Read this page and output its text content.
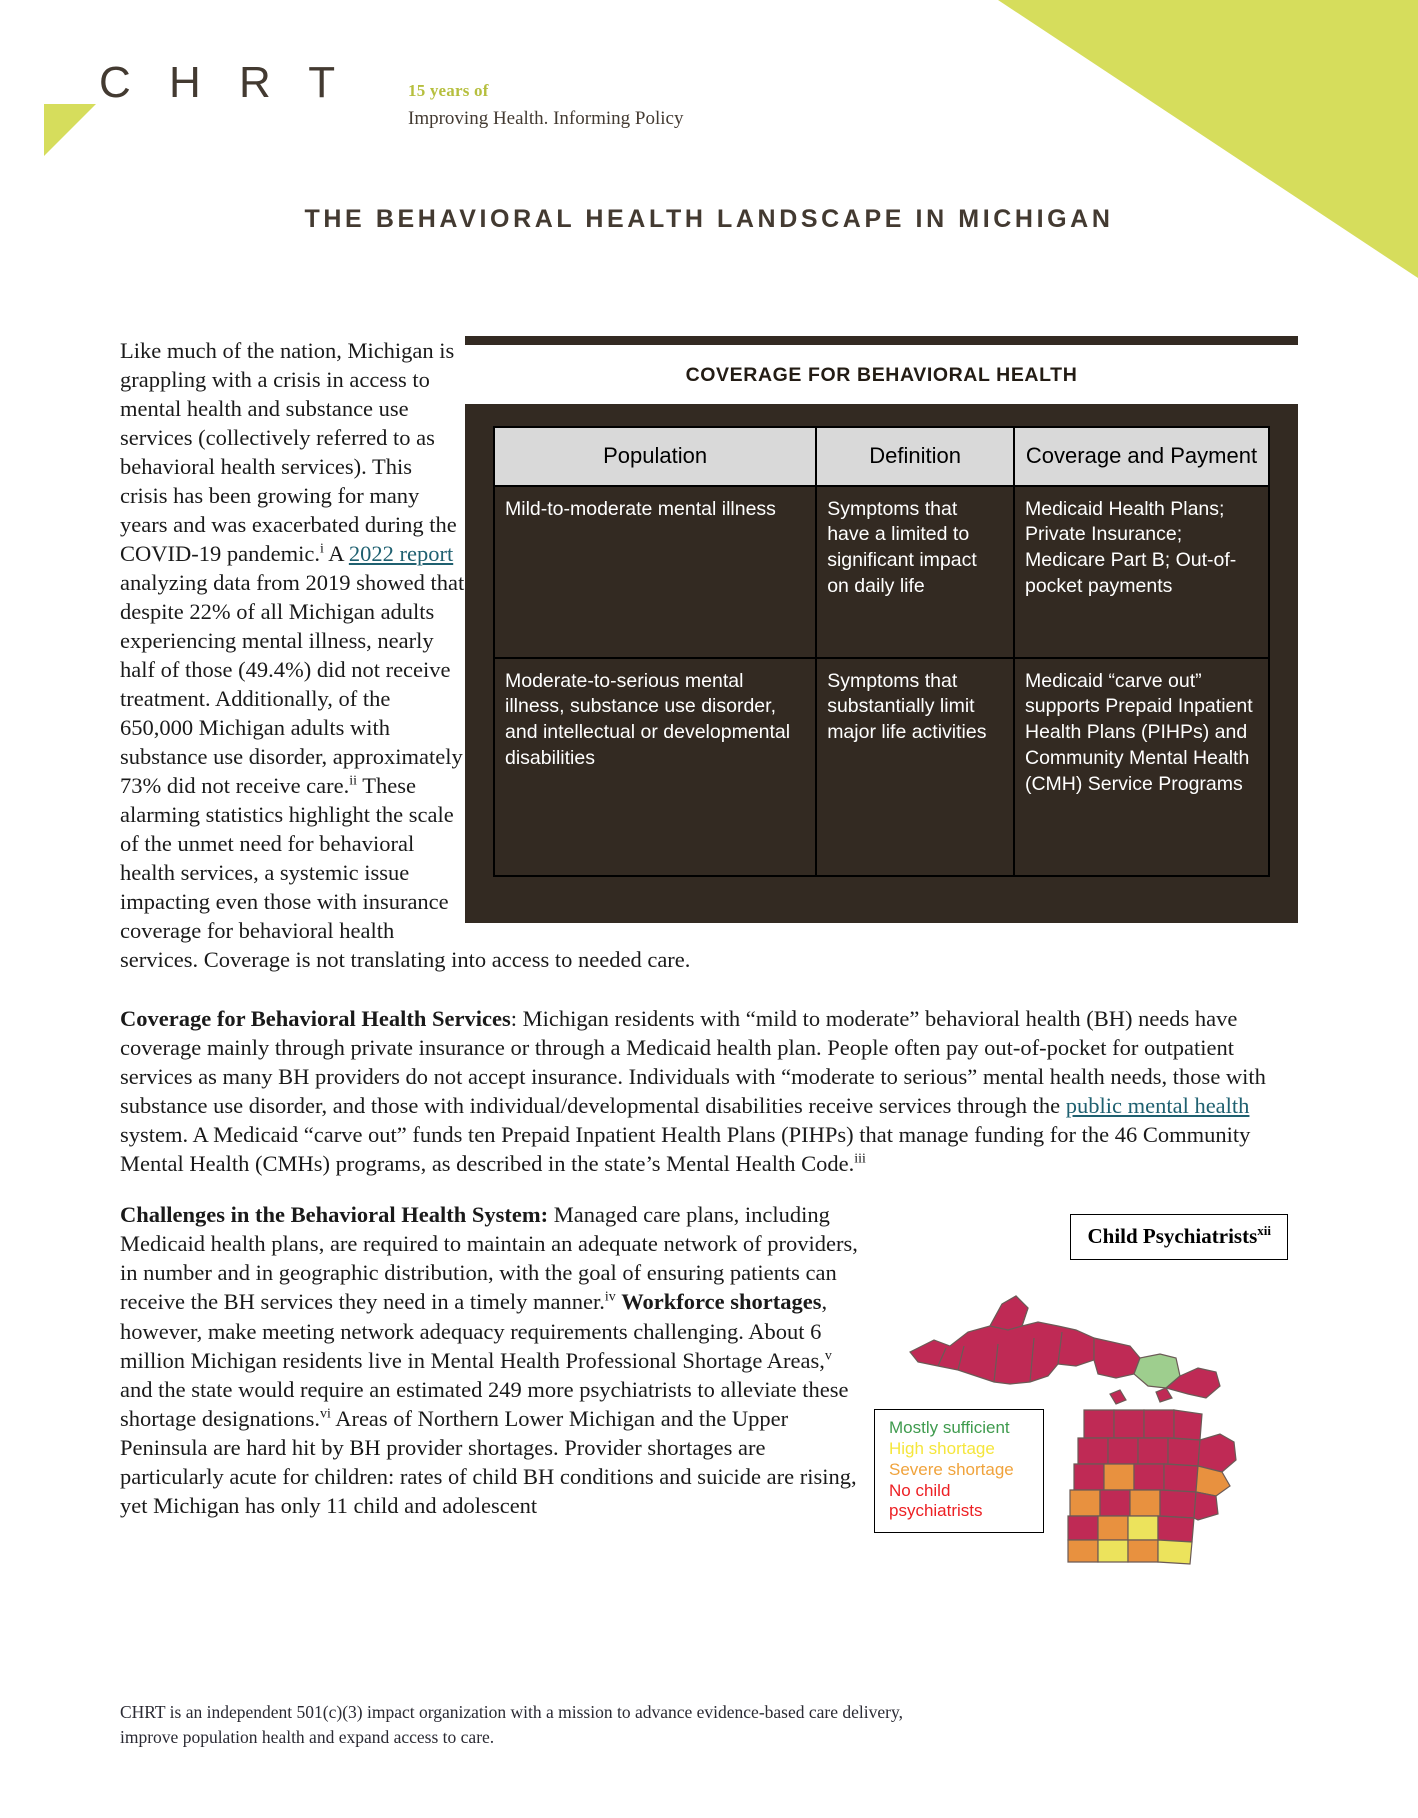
C H R T	15 years of
Improving Health. Informing Policy
THE BEHAVIORAL HEALTH LANDSCAPE IN MICHIGAN
COVERAGE FOR BEHAVIORAL HEALTH
Population	Definition	Coverage and Payment
Mild-to-moderate mental illness	Symptoms that have a limited to significant impact on daily life	Medicaid Health Plans; Private Insurance; Medicare Part B; Out-of-pocket payments
Moderate-to-serious mental illness, substance use disorder, and intellectual or developmental disabilities	Symptoms that substantially limit major life activities	Medicaid “carve out” supports Prepaid Inpatient Health Plans (PIHPs) and Community Mental Health (CMH) Service Programs

Like much of the nation, Michigan is grappling with a crisis in access to mental health and substance use services (collectively referred to as behavioral health services). This crisis has been growing for many years and was exacerbated during the COVID-19 pandemic.$^i$ A 2022 report analyzing data from 2019 showed that despite 22% of all Michigan adults experiencing mental illness, nearly half of those (49.4%) did not receive treatment. Additionally, of the 650,000 Michigan adults with substance use disorder, approximately 73% did not receive care.$^{ii}$ These alarming statistics highlight the scale of the unmet need for behavioral health services, a systemic issue impacting even those with insurance coverage for behavioral health services. Coverage is not translating into access to needed care.

Coverage for Behavioral Health Services: Michigan residents with “mild to moderate” behavioral health (BH) needs have coverage mainly through private insurance or through a Medicaid health plan. People often pay out-of-pocket for outpatient services as many BH providers do not accept insurance. Individuals with “moderate to serious” mental health needs, those with substance use disorder, and those with individual/developmental disabilities receive services through the public mental health system. A Medicaid “carve out” funds ten Prepaid Inpatient Health Plans (PIHPs) that manage funding for the 46 Community Mental Health (CMHs) programs, as described in the state’s Mental Health Code.$^{iii}$

Child Psychiatrists$^{xii}$
Mostly sufficient
High shortage
Severe shortage
No child
psychiatrists

Challenges in the Behavioral Health System: Managed care plans, including Medicaid health plans, are required to maintain an adequate network of providers, in number and in geographic distribution, with the goal of ensuring patients can receive the BH services they need in a timely manner.$^{iv}$ Workforce shortages, however, make meeting network adequacy requirements challenging. About 6 million Michigan residents live in Mental Health Professional Shortage Areas,$^v$ and the state would require an estimated 249 more psychiatrists to alleviate these shortage designations.$^{vi}$ Areas of Northern Lower Michigan and the Upper Peninsula are hard hit by BH provider shortages. Provider shortages are particularly acute for children: rates of child BH conditions and suicide are rising, yet Michigan has only 11 child and adolescent

CHRT is an independent 501(c)(3) impact organization with a mission to advance evidence-based care delivery,
improve population health and expand access to care.
